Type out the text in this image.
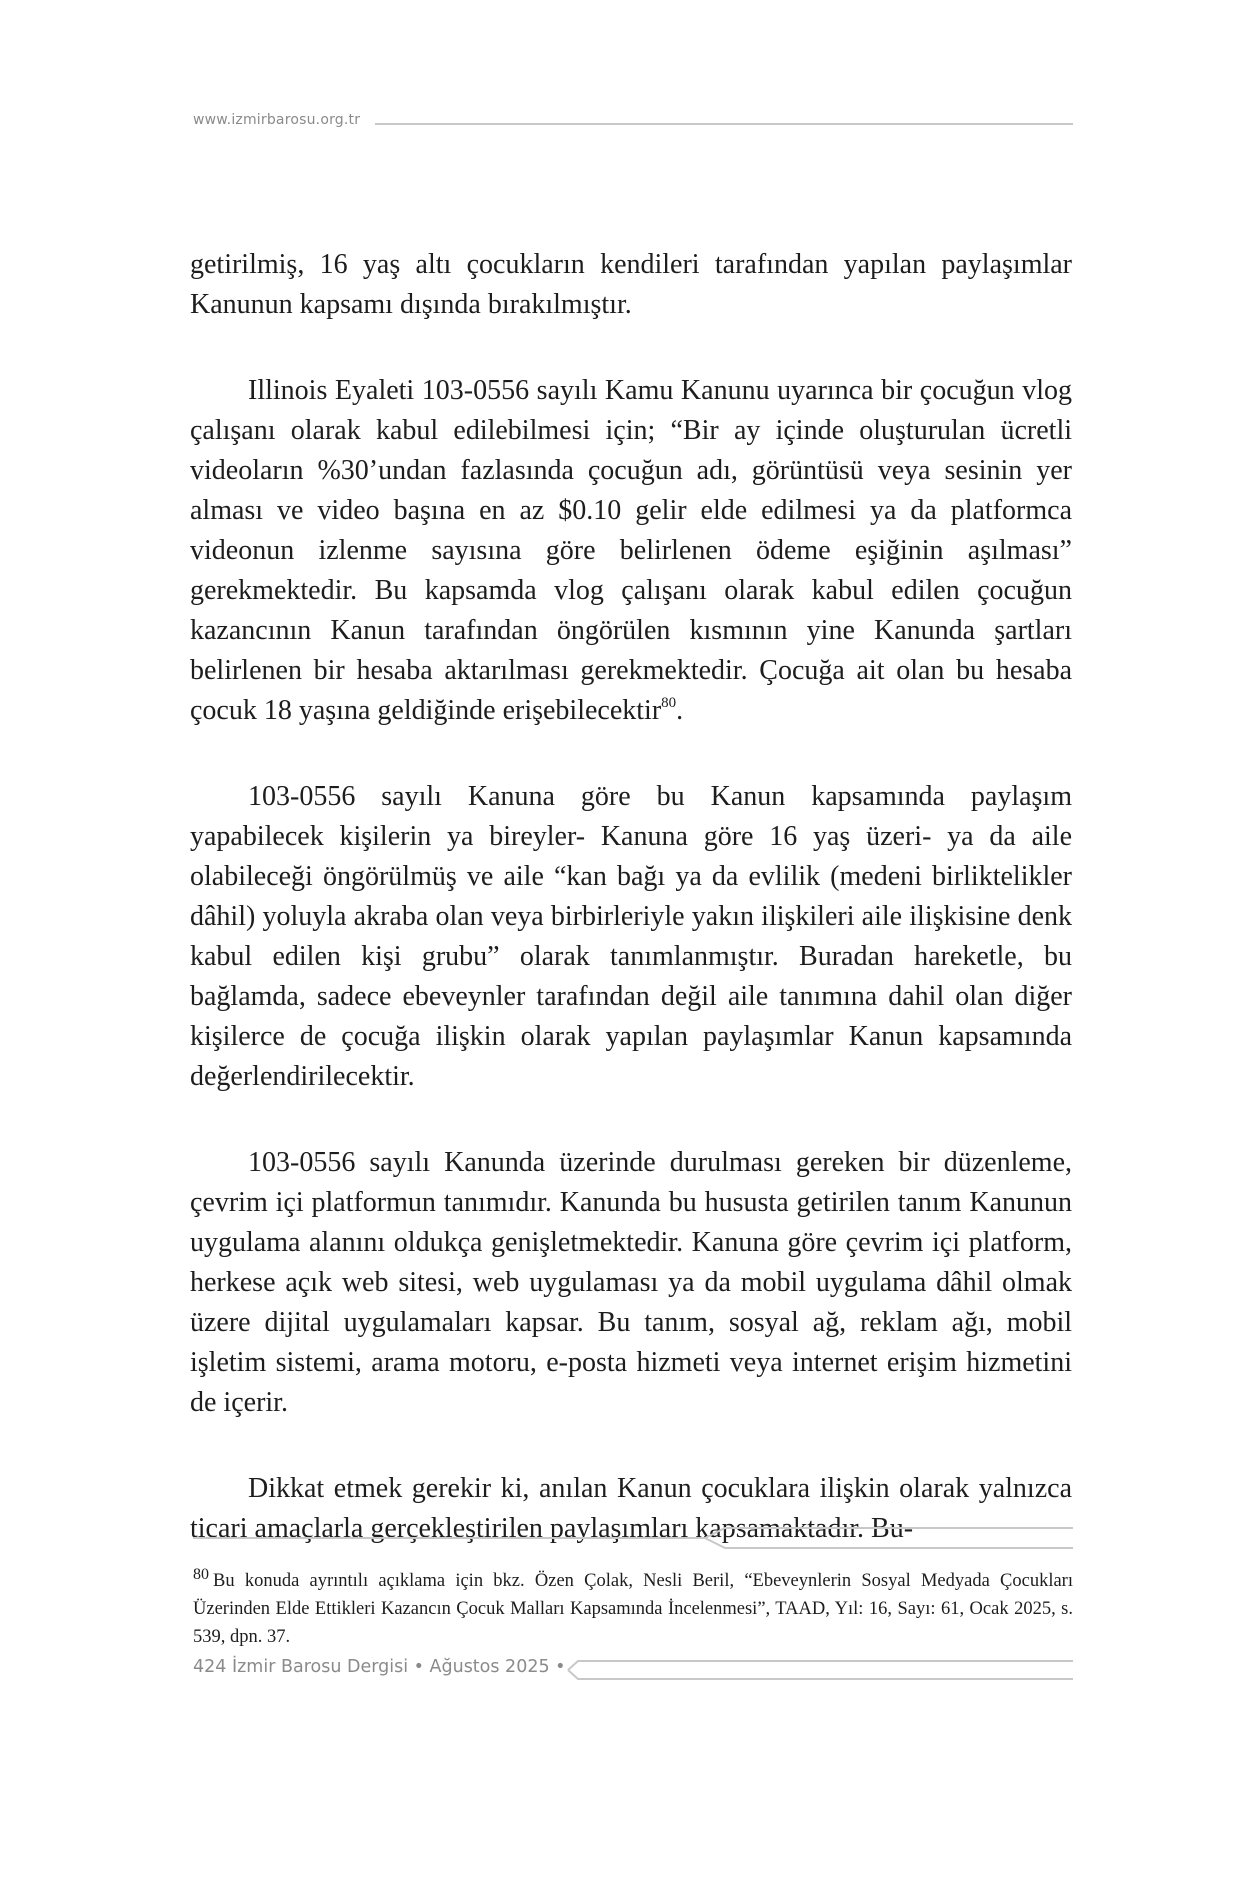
www.izmirbarosu.org.tr

getirilmiş, 16 yaş altı çocukların kendileri tarafından yapılan paylaşımlar Kanunun kapsamı dışında bırakılmıştır.

Illinois Eyaleti 103-0556 sayılı Kamu Kanunu uyarınca bir çocuğun vlog çalışanı olarak kabul edilebilmesi için; “Bir ay içinde oluşturulan ücretli videoların %30’undan fazlasında çocuğun adı, görüntüsü veya sesinin yer alması ve video başına en az $0.10 gelir elde edilmesi ya da platformca videonun izlenme sayısına göre belirlenen ödeme eşiğinin aşılması” gerekmektedir. Bu kapsamda vlog çalışanı olarak kabul edilen çocuğun kazancının Kanun tarafından öngörülen kısmının yine Kanunda şartları belirlenen bir hesaba aktarılması gerekmektedir. Çocuğa ait olan bu hesaba çocuk 18 yaşına geldiğinde erişebilecektir$^{80}$.

103-0556 sayılı Kanuna göre bu Kanun kapsamında paylaşım yapabilecek kişilerin ya bireyler- Kanuna göre 16 yaş üzeri- ya da aile olabileceği öngörülmüş ve aile “kan bağı ya da evlilik (medeni birliktelikler dâhil) yoluyla akraba olan veya birbirleriyle yakın ilişkileri aile ilişkisine denk kabul edilen kişi grubu” olarak tanımlanmıştır. Buradan hareketle, bu bağlamda, sadece ebeveynler tarafından değil aile tanımına dahil olan diğer kişilerce de çocuğa ilişkin olarak yapılan paylaşımlar Kanun kapsamında değerlendirilecektir.

103-0556 sayılı Kanunda üzerinde durulması gereken bir düzenleme, çevrim içi platformun tanımıdır. Kanunda bu hususta getirilen tanım Kanunun uygulama alanını oldukça genişletmektedir. Kanuna göre çevrim içi platform, herkese açık web sitesi, web uygulaması ya da mobil uygulama dâhil olmak üzere dijital uygulamaları kapsar. Bu tanım, sosyal ağ, reklam ağı, mobil işletim sistemi, arama motoru, e-posta hizmeti veya internet erişim hizmetini de içerir.

Dikkat etmek gerekir ki, anılan Kanun çocuklara ilişkin olarak yalnızca ticari amaçlarla gerçekleştirilen paylaşımları kapsamaktadır. Bu-

80 Bu konuda ayrıntılı açıklama için bkz. Özen Çolak, Nesli Beril, “Ebeveynlerin Sosyal Medyada Çocukları Üzerinden Elde Ettikleri Kazancın Çocuk Malları Kapsamında İncelenmesi”, TAAD, Yıl: 16, Sayı: 61, Ocak 2025, s. 539, dpn. 37.

424 İzmir Barosu Dergisi • Ağustos 2025 •
